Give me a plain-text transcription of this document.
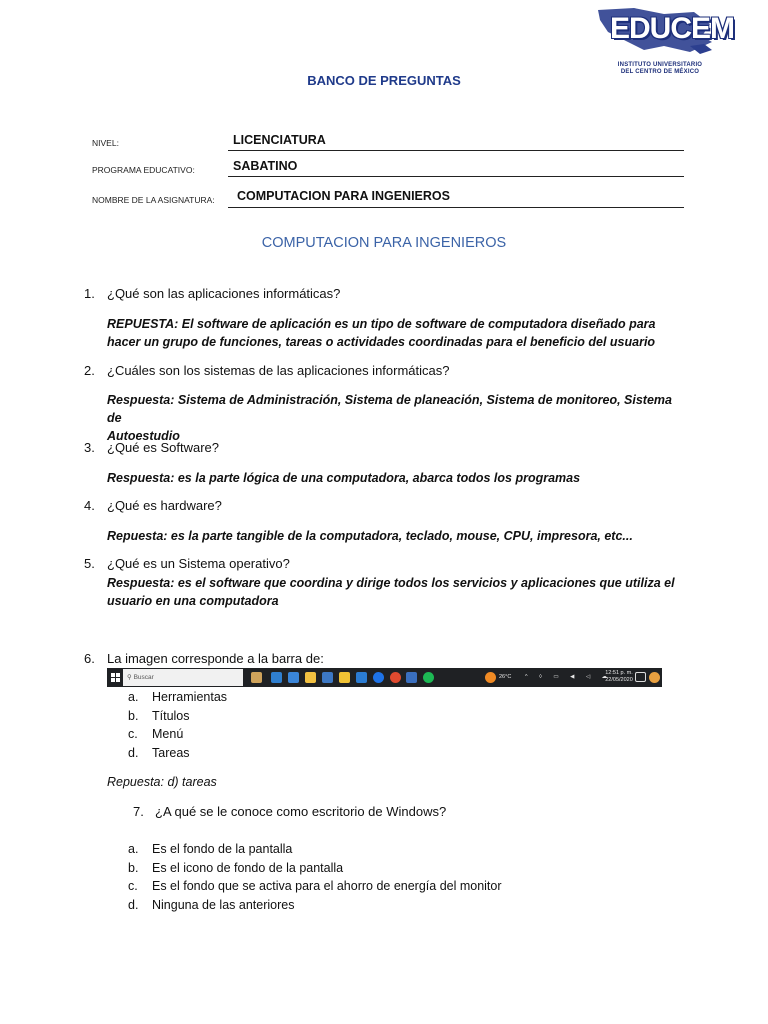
EDUCEM
INSTITUTO UNIVERSITARIO
DEL CENTRO DE MÉXICO
BANCO DE PREGUNTAS
NIVEL:	LICENCIATURA
PROGRAMA EDUCATIVO:	SABATINO
NOMBRE DE LA ASIGNATURA: COMPUTACION PARA INGENIEROS
COMPUTACION PARA INGENIEROS
1. ¿Qué son las aplicaciones informáticas?
REPUESTA: El software de aplicación es un tipo de software de computadora diseñado para
hacer un grupo de funciones, tareas o actividades coordinadas para el beneficio del usuario
2. ¿Cuáles son los sistemas de las aplicaciones informáticas?
Respuesta: Sistema de Administración, Sistema de planeación, Sistema de monitoreo, Sistema de
Autoestudio
3. ¿Qué es Software?
Respuesta: es la parte lógica de una computadora, abarca todos los programas
4. ¿Qué es hardware?
Repuesta: es la parte tangible de la computadora, teclado, mouse, CPU, impresora, etc...
5. ¿Qué es un Sistema operativo?
Respuesta: es el software que coordina y dirige todos los servicios y aplicaciones que utiliza el
usuario en una computadora
6. La imagen corresponde a la barra de:
⚲ Buscar	26°C ^ ◊ ▭ ◀ ◁ ☁
12:51 p. m.
22/05/2020
a. Herramientas
b. Títulos
c. Menú
d. Tareas
Repuesta: d) tareas
7. ¿A qué se le conoce como escritorio de Windows?
a. Es el fondo de la pantalla
b. Es el icono de fondo de la pantalla
c. Es el fondo que se activa para el ahorro de energía del monitor
d. Ninguna de las anteriores
